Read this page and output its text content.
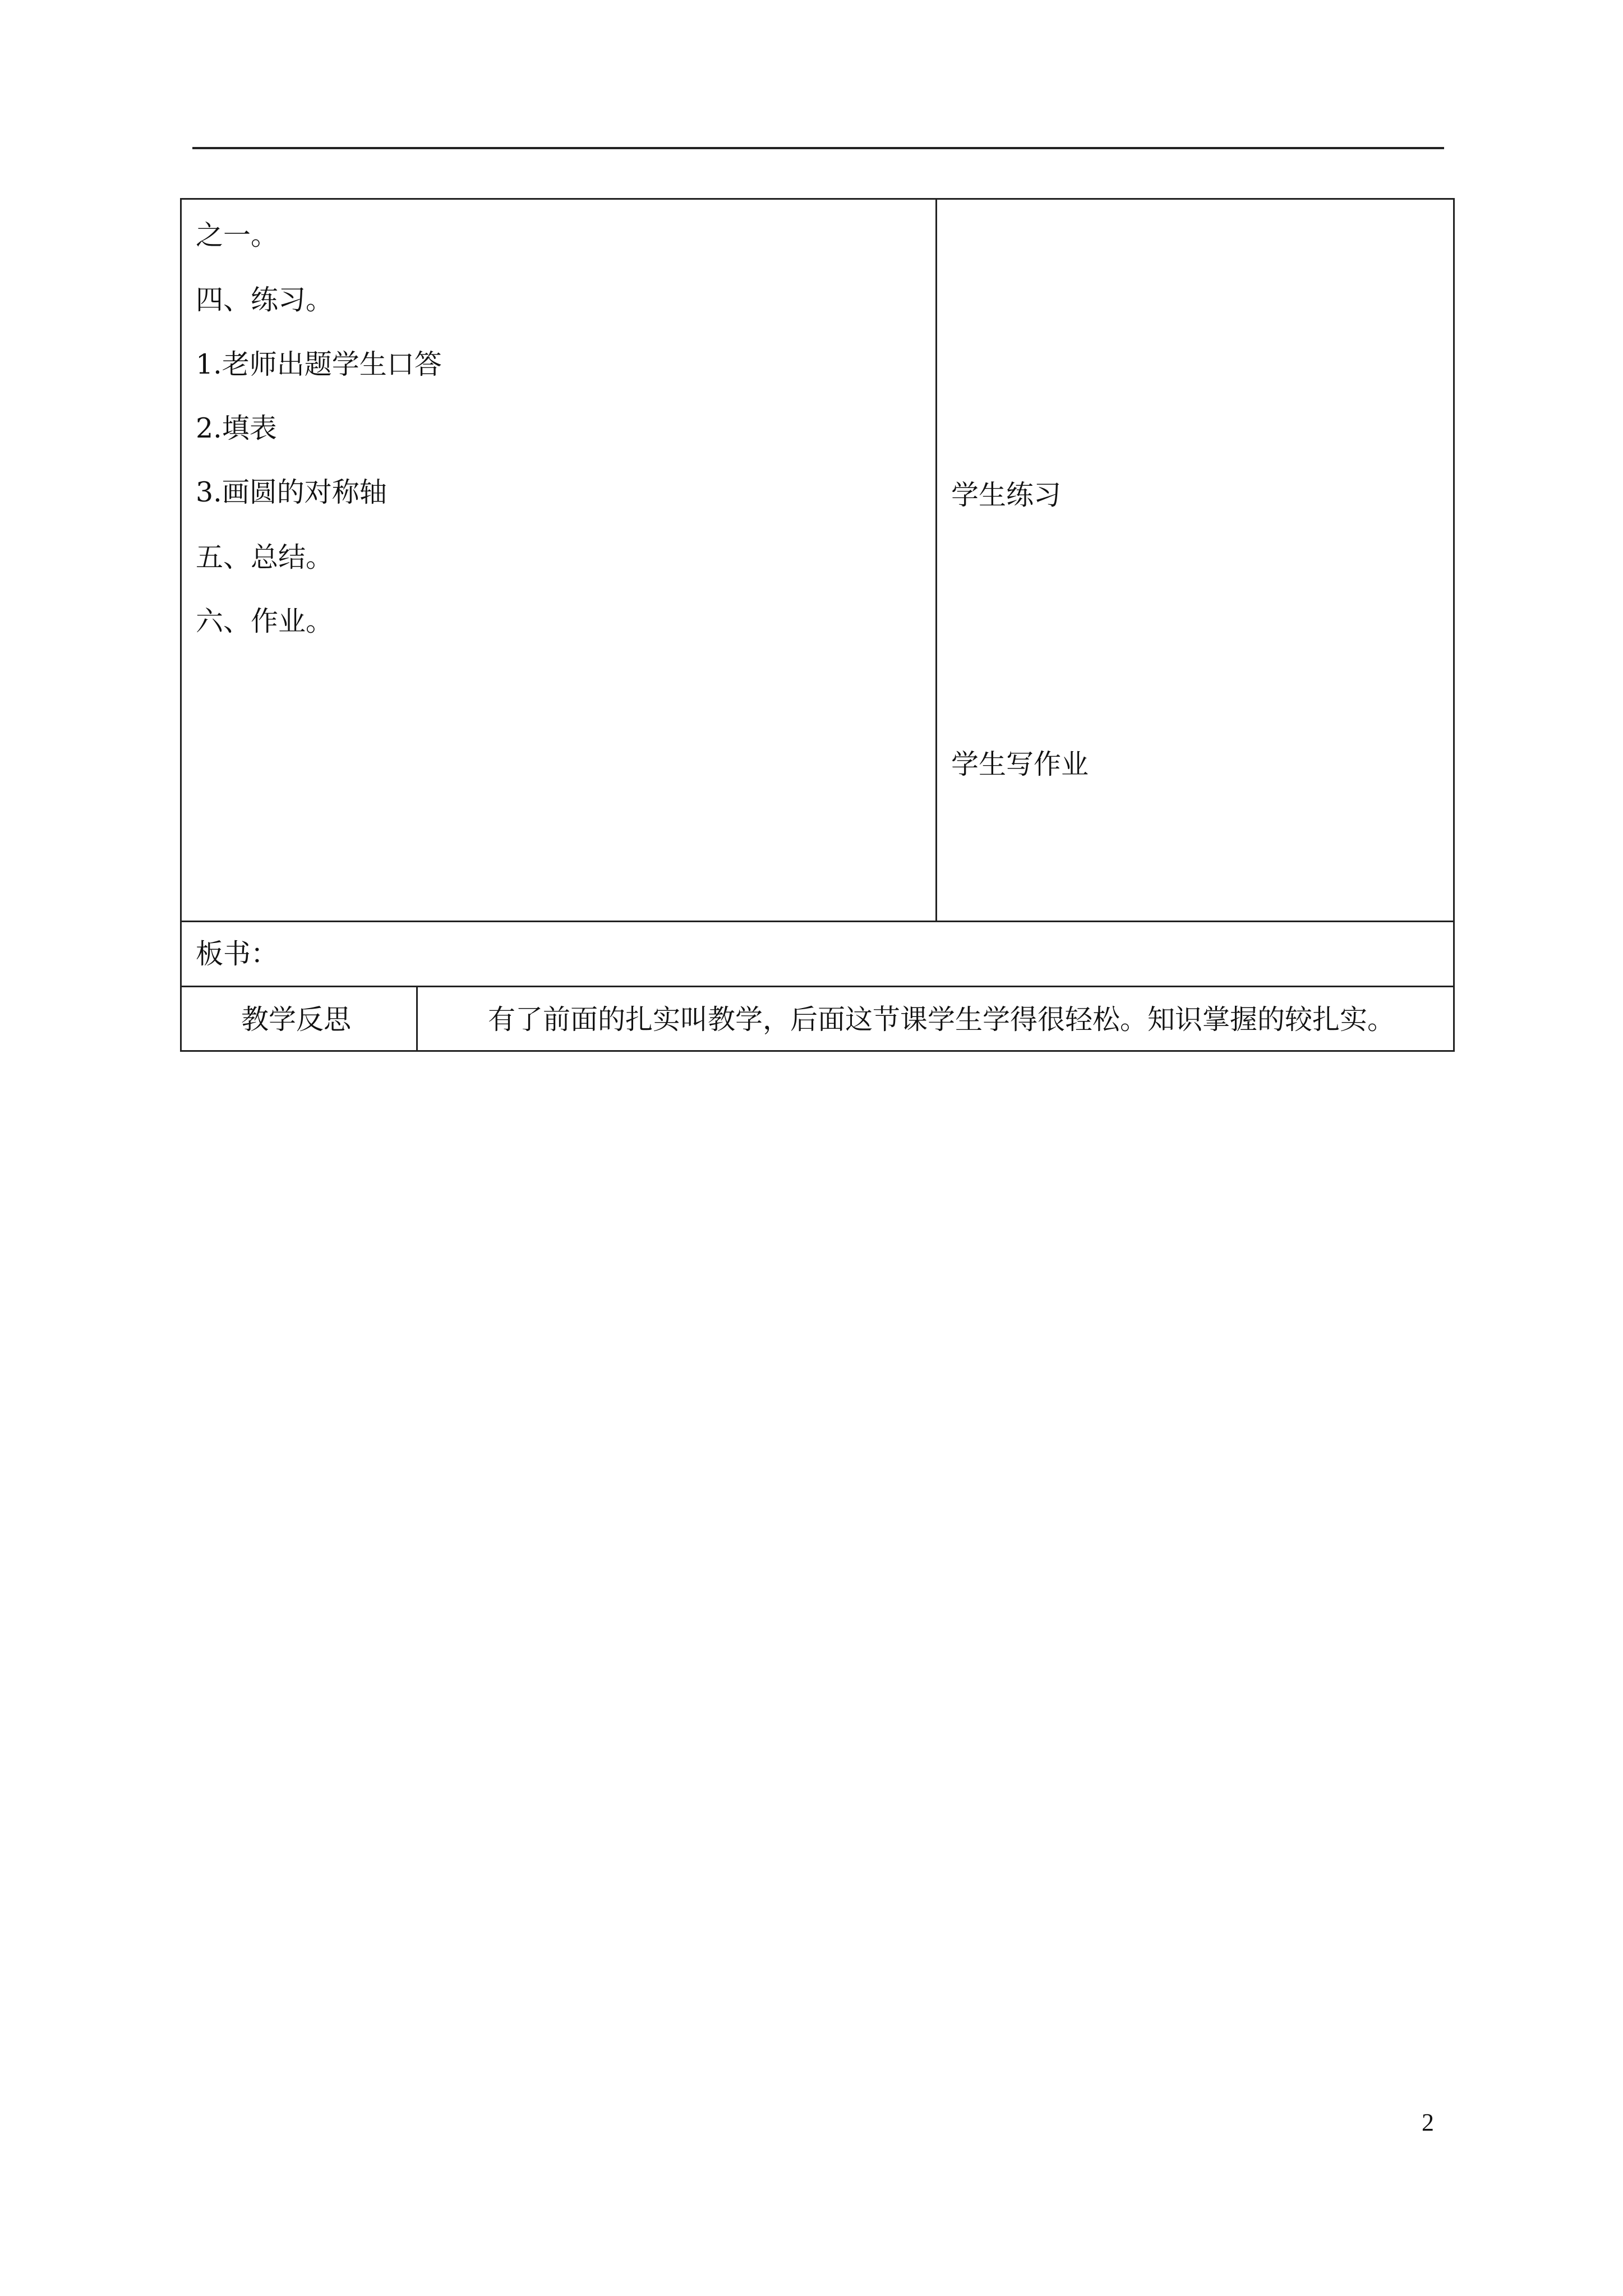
之一。
四、练习。
1.老师出题学生口答
2.填表
3.画圆的对称轴
五、总结。
六、作业。
学生练习
学生写作业
板书：
教学反思	有了前面的扎实叫教学，后面这节课学生学得很轻松。知识掌握的较扎实。
2
